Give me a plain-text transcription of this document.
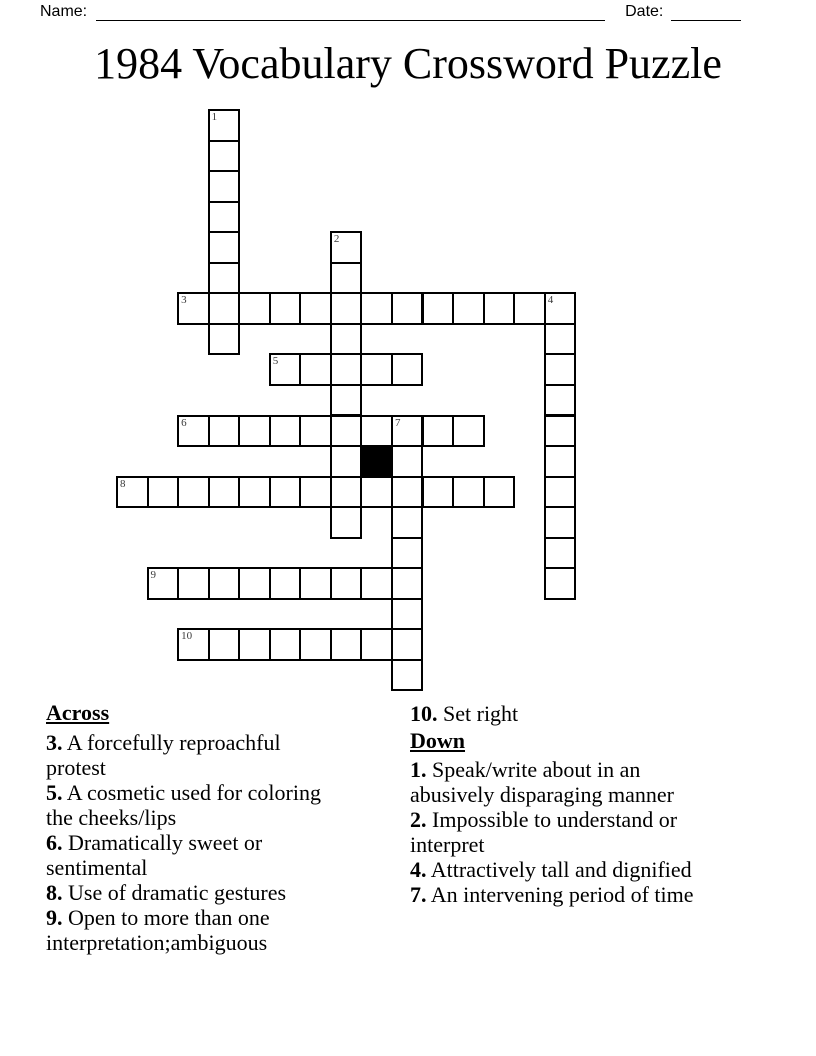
Name:	Date:
1984 Vocabulary Crossword Puzzle
1
2
3	4
5
6	7
8
9
10
Across
3. A forcefully reproachful protest
5. A cosmetic used for coloring the cheeks/lips
6. Dramatically sweet or sentimental
8. Use of dramatic gestures
9. Open to more than one interpretation;ambiguous
10. Set right
Down
1. Speak/write about in an abusively disparaging manner
2. Impossible to understand or interpret
4. Attractively tall and dignified
7. An intervening period of time
